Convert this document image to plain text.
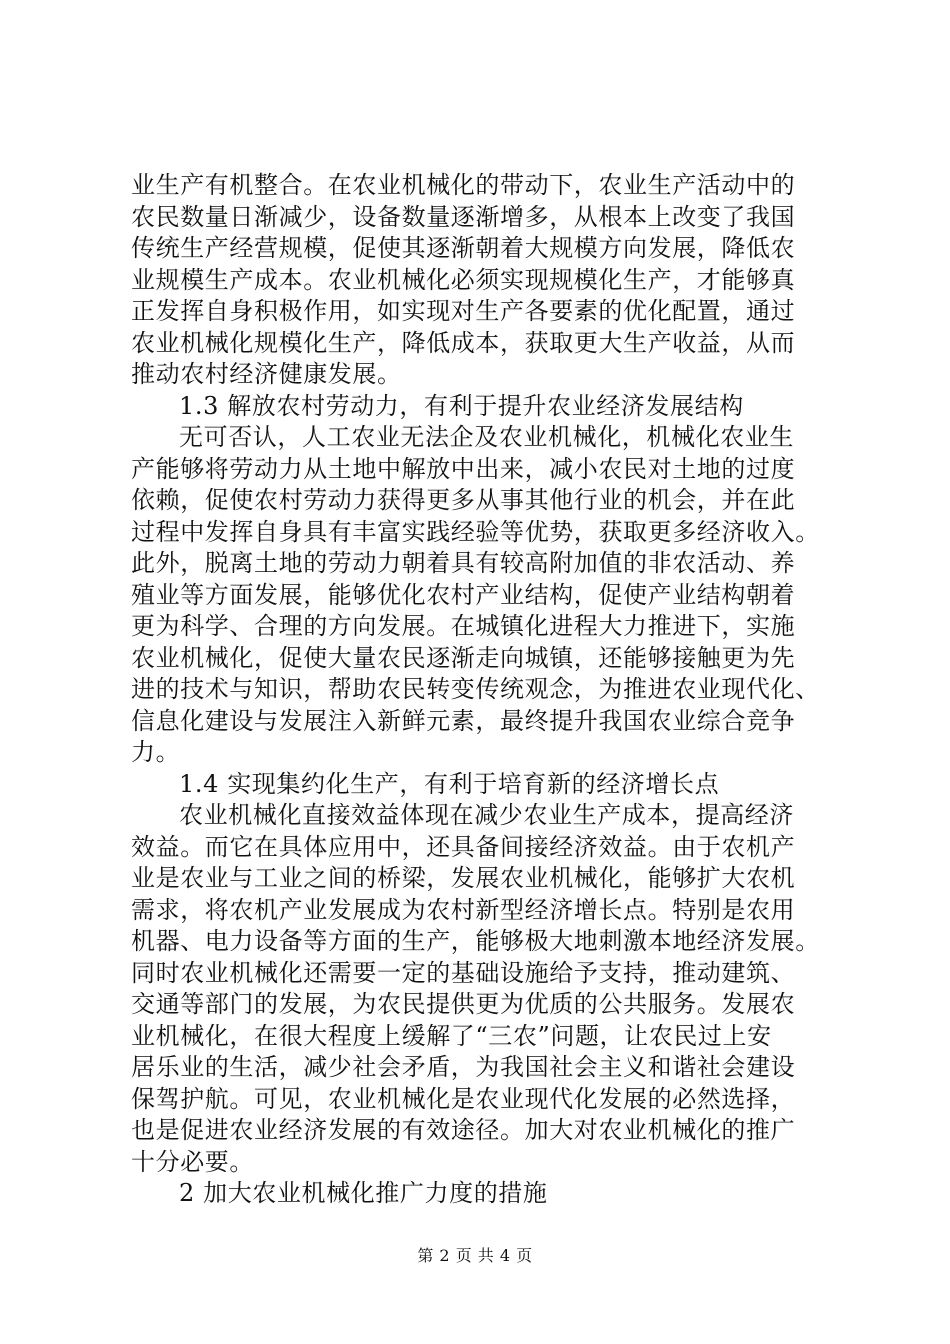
业生产有机整合。在农业机械化的带动下，农业生产活动中的
农民数量日渐减少，设备数量逐渐增多，从根本上改变了我国
传统生产经营规模，促使其逐渐朝着大规模方向发展，降低农
业规模生产成本。农业机械化必须实现规模化生产，才能够真
正发挥自身积极作用，如实现对生产各要素的优化配置，通过
农业机械化规模化生产，降低成本，获取更大生产收益，从而
推动农村经济健康发展。
1.3 解放农村劳动力，有利于提升农业经济发展结构
无可否认，人工农业无法企及农业机械化，机械化农业生
产能够将劳动力从土地中解放中出来，减小农民对土地的过度
依赖，促使农村劳动力获得更多从事其他行业的机会，并在此
过程中发挥自身具有丰富实践经验等优势，获取更多经济收入。
此外，脱离土地的劳动力朝着具有较高附加值的非农活动、养
殖业等方面发展，能够优化农村产业结构，促使产业结构朝着
更为科学、合理的方向发展。在城镇化进程大力推进下，实施
农业机械化，促使大量农民逐渐走向城镇，还能够接触更为先
进的技术与知识，帮助农民转变传统观念，为推进农业现代化、
信息化建设与发展注入新鲜元素，最终提升我国农业综合竞争
力。
1.4 实现集约化生产，有利于培育新的经济增长点
农业机械化直接效益体现在减少农业生产成本，提高经济
效益。而它在具体应用中，还具备间接经济效益。由于农机产
业是农业与工业之间的桥梁，发展农业机械化，能够扩大农机
需求，将农机产业发展成为农村新型经济增长点。特别是农用
机器、电力设备等方面的生产，能够极大地刺激本地经济发展。
同时农业机械化还需要一定的基础设施给予支持，推动建筑、
交通等部门的发展，为农民提供更为优质的公共服务。发展农
业机械化，在很大程度上缓解了“三农”问题，让农民过上安
居乐业的生活，减少社会矛盾，为我国社会主义和谐社会建设
保驾护航。可见，农业机械化是农业现代化发展的必然选择，
也是促进农业经济发展的有效途径。加大对农业机械化的推广
十分必要。
2 加大农业机械化推广力度的措施
第 2 页 共 4 页
